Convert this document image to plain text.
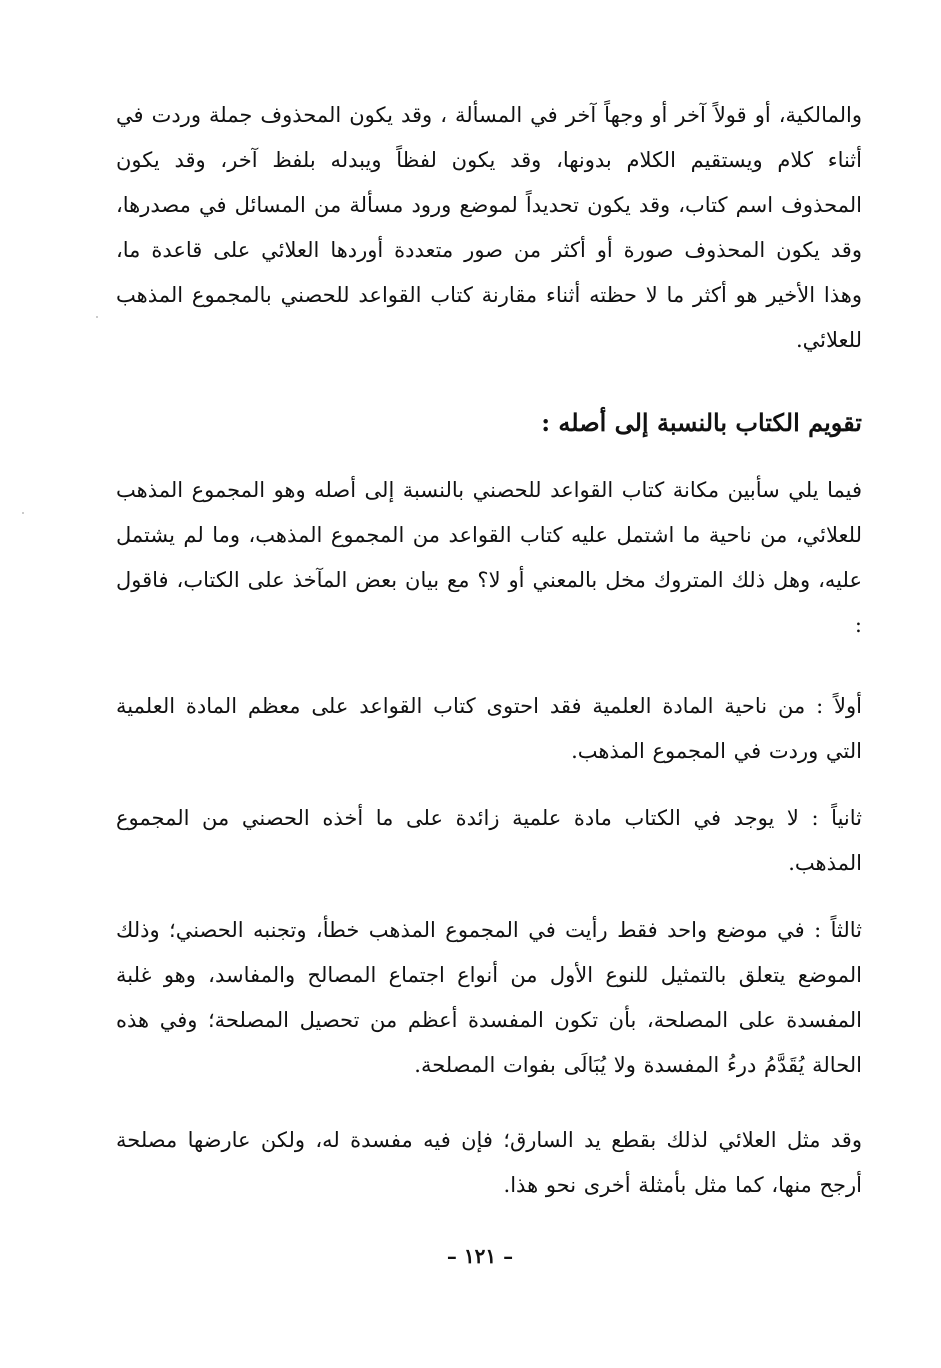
والمالكية، أو قولاً آخر أو وجهاً آخر في المسألة ، وقد يكون المحذوف جملة وردت في أثناء كلام ويستقيم الكلام بدونها، وقد يكون لفظاً ويبدله بلفظ آخر، وقد يكون المحذوف اسم كتاب، وقد يكون تحديداً لموضع ورود مسألة من المسائل في مصدرها، وقد يكون المحذوف صورة أو أكثر من صور متعددة أوردها العلائي على قاعدة ما، وهذا الأخير هو أكثر ما لا حظته أثناء مقارنة كتاب القواعد للحصني بالمجموع المذهب للعلائي.

تقويم الكتاب بالنسبة إلى أصله :

فيما يلي سأبين مكانة كتاب القواعد للحصني بالنسبة إلى أصله وهو المجموع المذهب للعلائي، من ناحية ما اشتمل عليه كتاب القواعد من المجموع المذهب، وما لم يشتمل عليه، وهل ذلك المتروك مخل بالمعني أو لا؟ مع بيان بعض المآخذ على الكتاب، فاقول :

أولاً : من ناحية المادة العلمية فقد احتوى كتاب القواعد على معظم المادة العلمية التي وردت في المجموع المذهب.

ثانياً : لا يوجد في الكتاب مادة علمية زائدة على ما أخذه الحصني من المجموع المذهب.

ثالثاً : في موضع واحد فقط رأيت في المجموع المذهب خطأ، وتجنبه الحصني؛ وذلك الموضع يتعلق بالتمثيل للنوع الأول من أنواع اجتماع المصالح والمفاسد، وهو غلبة المفسدة على المصلحة، بأن تكون المفسدة أعظم من تحصيل المصلحة؛ وفي هذه الحالة يُقَدَّمُ درءُ المفسدة ولا يُبَالَى بفوات المصلحة.

وقد مثل العلائي لذلك بقطع يد السارق؛ فإن فيه مفسدة له، ولكن عارضها مصلحة أرجح منها، كما مثل بأمثلة أخرى نحو هذا.

– ١٢١ –
